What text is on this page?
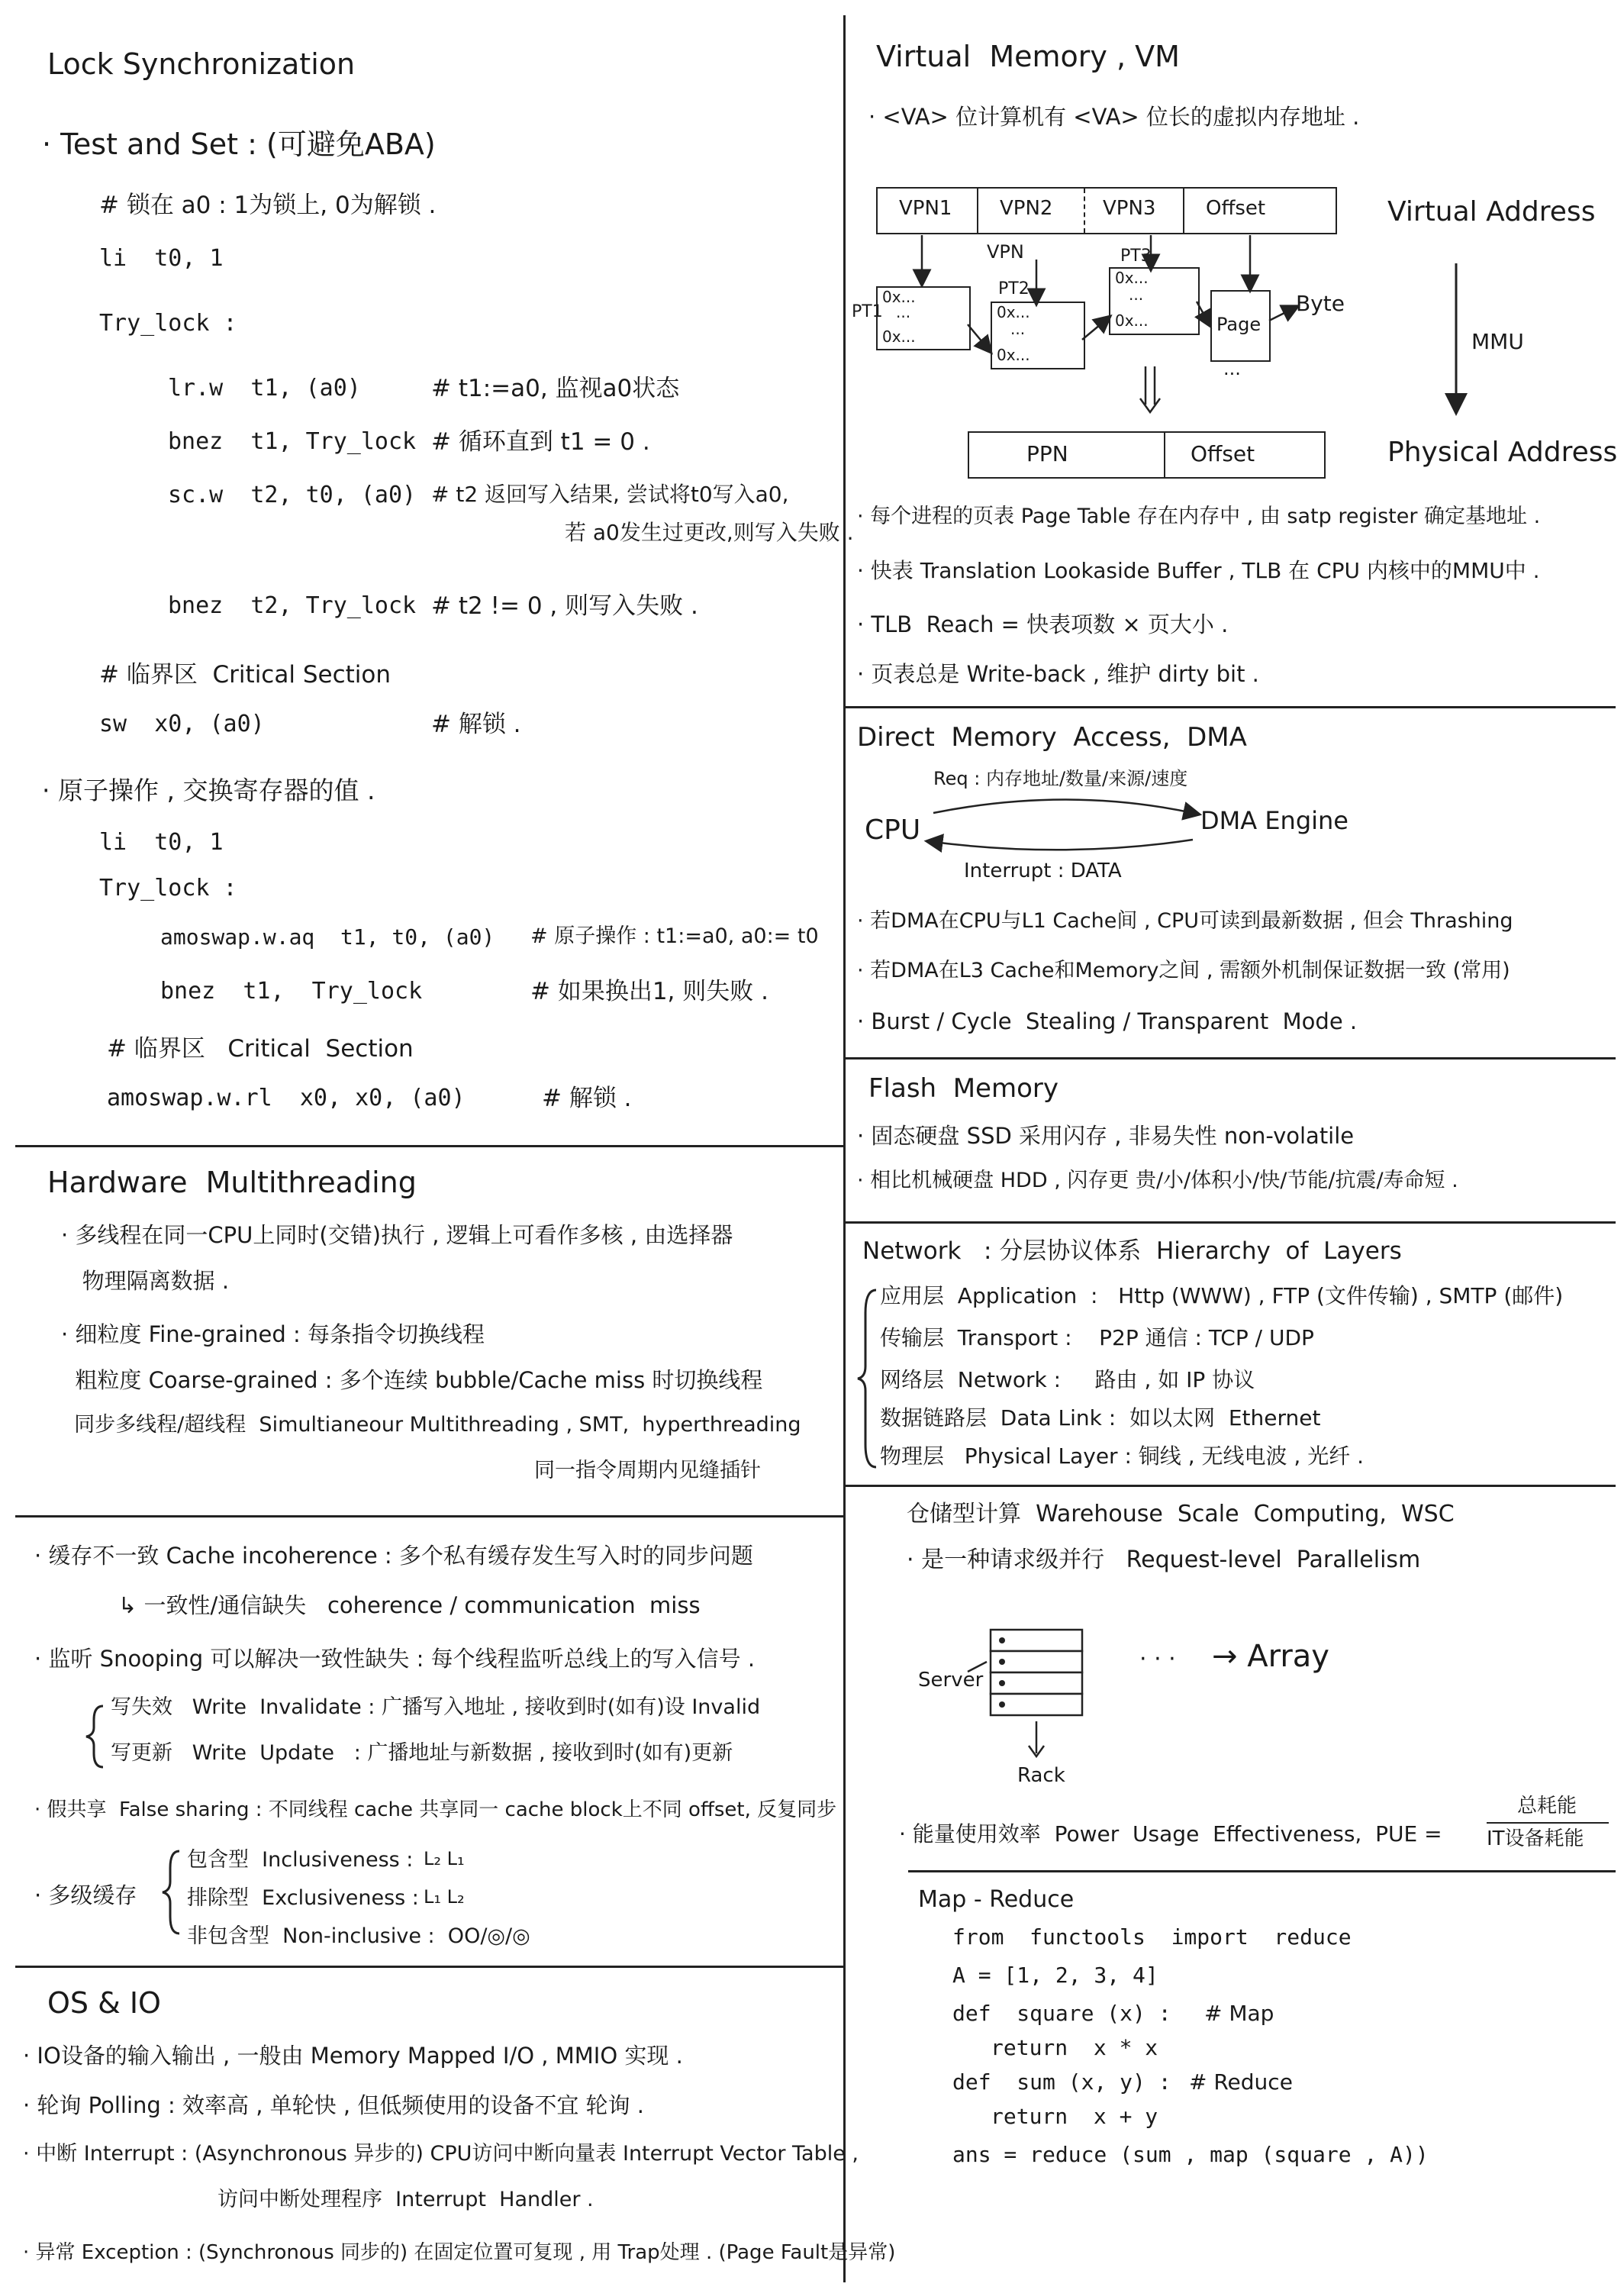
Lock Synchronization
· Test and Set : (可避免ABA)
# 锁在 a0 : 1为锁上, 0为解锁 .
li  t0, 1
Try_lock :
lr.w  t1, (a0)	# t1:=a0, 监视a0状态
bnez  t1, Try_lock # 循环直到 t1 = 0 .
sc.w  t2, t0, (a0) # t2 返回写入结果, 尝试将t0写入a0,
若 a0发生过更改,则写入失败 .
bnez  t2, Try_lock # t2 != 0 , 则写入失败 .
# 临界区  Critical Section
sw  x0, (a0)	# 解锁 .
· 原子操作 , 交换寄存器的值 .
li  t0, 1
Try_lock :
amoswap.w.aq  t1, t0, (a0) # 原子操作 : t1:=a0, a0:= t0
bnez  t1,  Try_lock	# 如果换出1, 则失败 .
# 临界区   Critical  Section
amoswap.w.rl  x0, x0, (a0)	# 解锁 .
Hardware  Multithreading
· 多线程在同一CPU上同时(交错)执行 , 逻辑上可看作多核 , 由选择器
物理隔离数据 .
· 细粒度 Fine-grained : 每条指令切换线程
粗粒度 Coarse-grained : 多个连续 bubble/Cache miss 时切换线程
同步多线程/超线程  Simultianeour Multithreading , SMT,  hyperthreading
同一指令周期内见缝插针
· 缓存不一致 Cache incoherence : 多个私有缓存发生写入时的同步问题
↳ 一致性/通信缺失   coherence / communication  miss
· 监听 Snooping 可以解决一致性缺失 : 每个线程监听总线上的写入信号 .
写失效   Write  Invalidate : 广播写入地址 , 接收到时(如有)设 Invalid
写更新   Write  Update   : 广播地址与新数据 , 接收到时(如有)更新
· 假共享  False sharing : 不同线程 cache 共享同一 cache block上不同 offset, 反复同步
· 多级缓存
包含型  Inclusiveness : L₂ L₁
排除型  Exclusiveness : L₁ L₂
非包含型  Non-inclusive :  OO/◎/◎
OS & IO
· IO设备的输入输出 , 一般由 Memory Mapped I/O , MMIO 实现 .
· 轮询 Polling : 效率高 , 单轮快 , 但低频使用的设备不宜 轮询 .
· 中断 Interrupt : (Asynchronous 异步的) CPU访问中断向量表 Interrupt Vector Table ,
访问中断处理程序  Interrupt  Handler .
· 异常 Exception : (Synchronous 同步的) 在固定位置可复现 , 用 Trap处理 . (Page Fault是异常)
Virtual  Memory , VM
· <VA> 位计算机有 <VA> 位长的虚拟内存地址 .
VPN1 VPN2	VPN3	Offset
VPN
PT1
PT2
PT3
0x...
···
0x...
0x...
···
0x...
0x...
···
0x...	Page
Byte
···
PPN	Offset
Virtual Address
MMU
Physical Address
· 每个进程的页表 Page Table 存在内存中 , 由 satp register 确定基地址 .
· 快表 Translation Lookaside Buffer , TLB 在 CPU 内核中的MMU中 .
· TLB  Reach = 快表项数 × 页大小 .
· 页表总是 Write-back , 维护 dirty bit .
Direct  Memory  Access,  DMA
Req : 内存地址/数量/来源/速度
CPU	DMA Engine
Interrupt : DATA
· 若DMA在CPU与L1 Cache间 , CPU可读到最新数据 , 但会 Thrashing
· 若DMA在L3 Cache和Memory之间 , 需额外机制保证数据一致 (常用)
· Burst / Cycle  Stealing / Transparent  Mode .
Flash  Memory
· 固态硬盘 SSD 采用闪存 , 非易失性 non-volatile
· 相比机械硬盘 HDD , 闪存更 贵/小/体积小/快/节能/抗震/寿命短 .
Network   : 分层协议体系  Hierarchy  of  Layers
应用层  Application  :   Http (WWW) , FTP (文件传输) , SMTP (邮件)
传输层  Transport :    P2P 通信 : TCP / UDP
网络层  Network :     路由 , 如 IP 协议
数据链路层  Data Link :  如以太网  Ethernet
物理层   Physical Layer : 铜线 , 无线电波 , 光纤 .
仓储型计算  Warehouse  Scale  Computing,  WSC
· 是一种请求级并行   Request-level  Parallelism
Server
· · · → Array
Rack
· 能量使用效率  Power  Usage  Effectiveness,  PUE =
总耗能
IT设备耗能
Map - Reduce
from  functools  import  reduce
A = [1, 2, 3, 4]
def  square (x) : # Map
return  x * x
def  sum (x, y) : # Reduce
return  x + y
ans = reduce (sum , map (square , A))
